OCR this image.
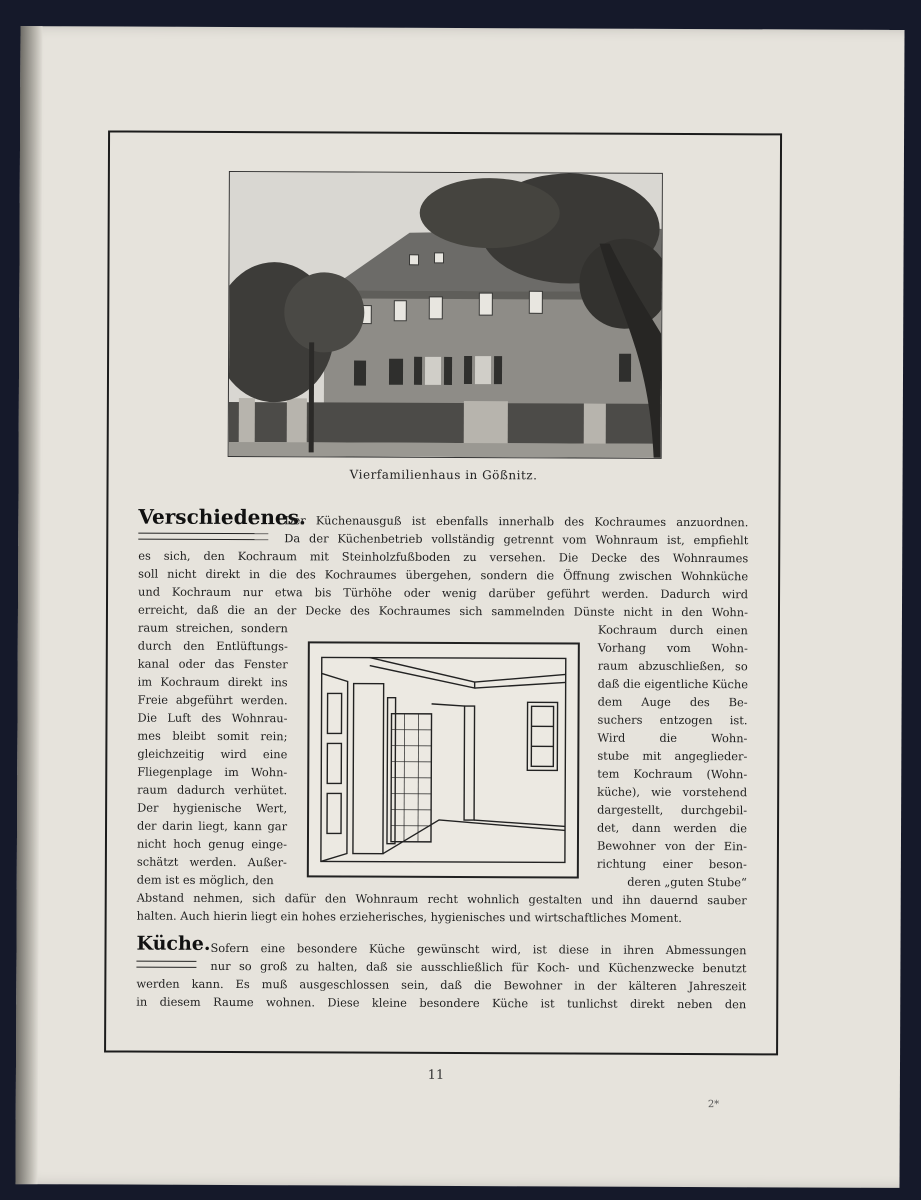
Vierfamilienhaus in Gößnitz.

Verschiedenes.

Der Küchenausguß ist ebenfalls innerhalb des Kochraumes anzuordnen.

Da der Küchenbetrieb vollständig getrennt vom Wohnraum ist, empfiehlt

es sich, den Kochraum mit Steinholzfußboden zu versehen. Die Decke des Wohnraumes
soll nicht direkt in die des Kochraumes übergehen, sondern die Öffnung zwischen Wohnküche
und Kochraum nur etwa bis Türhöhe oder wenig darüber geführt werden. Dadurch wird
erreicht, daß die an der Decke des Kochraumes sich sammelnden Dünste nicht in den Wohn-
raum streichen, sondern
durch den Entlüftungs-
kanal oder das Fenster
im Kochraum direkt ins
Freie abgeführt werden.
Die Luft des Wohnrau-
mes bleibt somit rein;
gleichzeitig wird eine
Fliegenplage im Wohn-
raum dadurch verhütet.
Der hygienische Wert,
der darin liegt, kann gar
nicht hoch genug einge-
schätzt werden. Außer-
dem ist es möglich, den
Kochraum durch einen
Vorhang vom Wohn-
raum abzuschließen, so
daß die eigentliche Küche
dem Auge des Be-
suchers entzogen ist.
Wird die Wohn-
stube mit angeglieder-
tem Kochraum (Wohn-
küche), wie vorstehend
dargestellt, durchgebil-
det, dann werden die
Bewohner von der Ein-
richtung einer beson-
deren „guten Stube“
Abstand nehmen, sich dafür den Wohnraum recht wohnlich gestalten und ihn dauernd sauber
halten. Auch hierin liegt ein hohes erzieherisches, hygienisches und wirtschaftliches Moment.

Küche. Sofern eine besondere Küche gewünscht wird, ist diese in ihren Abmessungen

nur so groß zu halten, daß sie ausschließlich für Koch- und Küchenzwecke benutzt

werden kann. Es muß ausgeschlossen sein, daß die Bewohner in der kälteren Jahreszeit
in diesem Raume wohnen. Diese kleine besondere Küche ist tunlichst direkt neben den
11
2*
